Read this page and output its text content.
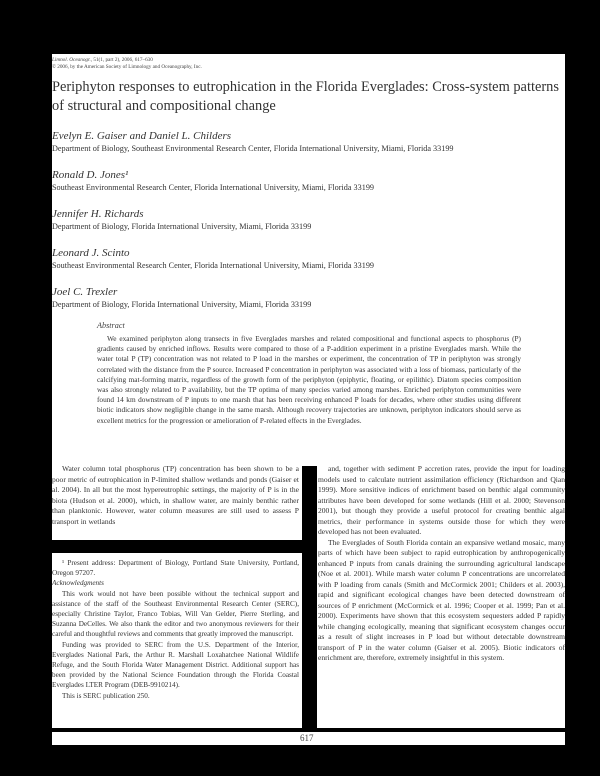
Limnol. Oceanogr., 51(1, part 2), 2006, 617–630
© 2006, by the American Society of Limnology and Oceanography, Inc.
Periphyton responses to eutrophication in the Florida Everglades: Cross-system patterns of structural and compositional change
Evelyn E. Gaiser and Daniel L. Childers
Department of Biology, Southeast Environmental Research Center, Florida International University, Miami, Florida 33199
Ronald D. Jones¹
Southeast Environmental Research Center, Florida International University, Miami, Florida 33199
Jennifer H. Richards
Department of Biology, Florida International University, Miami, Florida 33199
Leonard J. Scinto
Southeast Environmental Research Center, Florida International University, Miami, Florida 33199
Joel C. Trexler
Department of Biology, Florida International University, Miami, Florida 33199
Abstract
We examined periphyton along transects in five Everglades marshes and related compositional and functional aspects to phosphorus (P) gradients caused by enriched inflows. Results were compared to those of a P-addition experiment in a pristine Everglades marsh. While the water total P (TP) concentration was not related to P load in the marshes or experiment, the concentration of TP in periphyton was strongly correlated with the distance from the P source. Increased P concentration in periphyton was associated with a loss of biomass, particularly of the calcifying mat-forming matrix, regardless of the growth form of the periphyton (epiphytic, floating, or epilithic). Diatom species composition was also strongly related to P availability, but the TP optima of many species varied among marshes. Enriched periphyton communities were found 14 km downstream of P inputs to one marsh that has been receiving enhanced P loads for decades, where other studies using different biotic indicators show negligible change in the same marsh. Although recovery trajectories are unknown, periphyton indicators should serve as excellent metrics for the progression or amelioration of P-related effects in the Everglades.

Water column total phosphorus (TP) concentration has been shown to be a poor metric of eutrophication in P-limited shallow wetlands and ponds (Gaiser et al. 2004). In all but the most hypereutrophic settings, the majority of P is in the biota (Hudson et al. 2000), which, in shallow water, are mainly benthic rather than planktonic. However, water column measures are still used to assess P transport in wetlands

and, together with sediment P accretion rates, provide the input for loading models used to calculate nutrient assimilation efficiency (Richardson and Qian 1999). More sensitive indices of enrichment based on benthic algal community attributes have been developed for some wetlands (Hill et al. 2000; Stevenson 2001), but though they provide a useful protocol for creating benthic algal metrics, their performance in systems outside those for which they were developed has not been evaluated.

The Everglades of South Florida contain an expansive wetland mosaic, many parts of which have been subject to rapid eutrophication by anthropogenically enhanced P inputs from canals draining the surrounding agricultural landscape (Noe et al. 2001). While marsh water column P concentrations are uncorrelated with P loading from canals (Smith and McCormick 2001; Childers et al. 2003), rapid and significant ecological changes have been detected downstream of sources of P enrichment (McCormick et al. 1996; Cooper et al. 1999; Pan et al. 2000). Experiments have shown that this ecosystem sequesters added P rapidly while changing ecologically, meaning that significant ecosystem changes occur as a result of slight increases in P load but without detectable downstream transport of P in the water column (Gaiser et al. 2005). Biotic indicators of enrichment are, therefore, extremely insightful in this system.

¹ Present address: Department of Biology, Portland State University, Portland, Oregon 97207.

Acknowledgments

This work would not have been possible without the technical support and assistance of the staff of the Southeast Environmental Research Center (SERC), especially Christine Taylor, Franco Tobias, Will Van Gelder, Pierre Sterling, and Suzanna DeCelles. We also thank the editor and two anonymous reviewers for their careful and thoughtful reviews and comments that greatly improved the manuscript.

Funding was provided to SERC from the U.S. Department of the Interior, Everglades National Park, the Arthur R. Marshall Loxahatchee National Wildlife Refuge, and the South Florida Water Management District. Additional support has been provided by the National Science Foundation through the Florida Coastal Everglades LTER Program (DEB-9910214).

This is SERC publication 250.

617
